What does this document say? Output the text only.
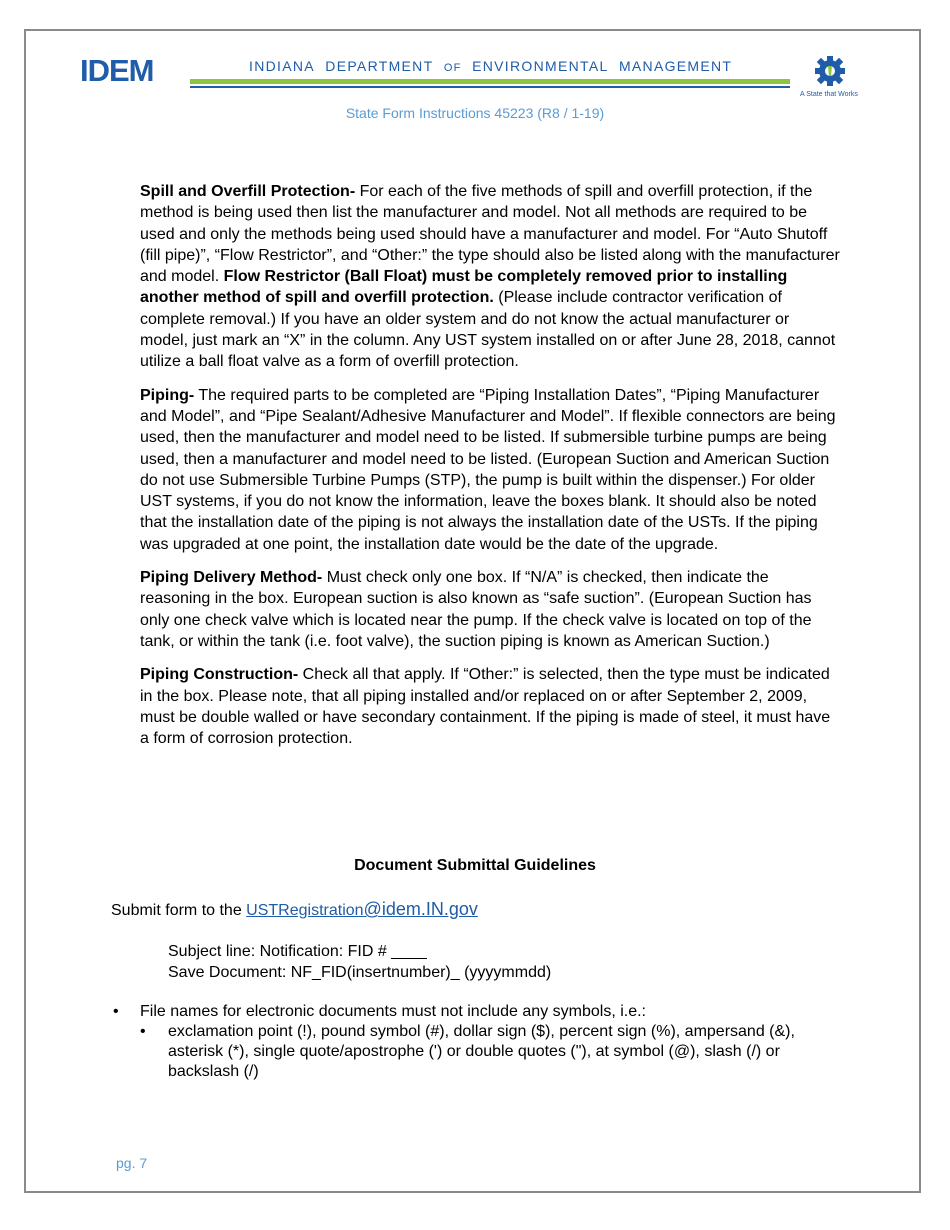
IDEM	INDIANA DEPARTMENT OF ENVIRONMENTAL MANAGEMENT
A State that Works
State Form Instructions 45223 (R8 / 1-19)

Spill and Overfill Protection- For each of the five methods of spill and overfill protection, if the method is being used then list the manufacturer and model. Not all methods are required to be used and only the methods being used should have a manufacturer and model. For “Auto Shutoff (fill pipe)”, “Flow Restrictor”, and “Other:” the type should also be listed along with the manufacturer and model. Flow Restrictor (Ball Float) must be completely removed prior to installing another method of spill and overfill protection. (Please include contractor verification of complete removal.) If you have an older system and do not know the actual manufacturer or model, just mark an “X” in the column. Any UST system installed on or after June 28, 2018, cannot utilize a ball float valve as a form of overfill protection.

Piping- The required parts to be completed are “Piping Installation Dates”, “Piping Manufacturer and Model”, and “Pipe Sealant/Adhesive Manufacturer and Model”. If flexible connectors are being used, then the manufacturer and model need to be listed. If submersible turbine pumps are being used, then a manufacturer and model need to be listed. (European Suction and American Suction do not use Submersible Turbine Pumps (STP), the pump is built within the dispenser.) For older UST systems, if you do not know the information, leave the boxes blank. It should also be noted that the installation date of the piping is not always the installation date of the USTs. If the piping was upgraded at one point, the installation date would be the date of the upgrade.

Piping Delivery Method- Must check only one box. If “N/A” is checked, then indicate the reasoning in the box. European suction is also known as “safe suction”. (European Suction has only one check valve which is located near the pump. If the check valve is located on top of the tank, or within the tank (i.e. foot valve), the suction piping is known as American Suction.)

Piping Construction- Check all that apply. If “Other:” is selected, then the type must be indicated in the box. Please note, that all piping installed and/or replaced on or after September 2, 2009, must be double walled or have secondary containment. If the piping is made of steel, it must have a form of corrosion protection.

Document Submittal Guidelines
Submit form to the USTRegistration@idem.IN.gov
Subject line: Notification: FID # ____
Save Document: NF_FID(insertnumber)_ (yyyymmdd)
• File names for electronic documents must not include any symbols, i.e.:
• exclamation point (!), pound symbol (#), dollar sign ($), percent sign (%), ampersand (&), asterisk (*), single quote/apostrophe (') or double quotes ("), at symbol (@), slash (/) or backslash (/)
pg. 7
